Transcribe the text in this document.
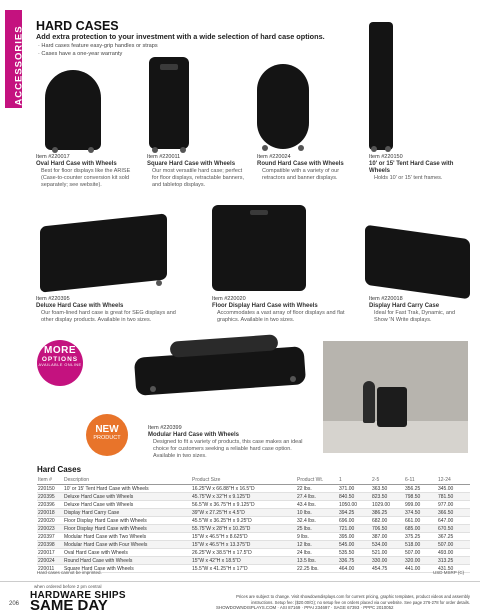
ACCESSORIES HARD CASES
Add extra protection to your investment with a wide selection of hard case options.
· Hard cases feature easy-grip handles or straps
· Cases have a one-year warranty
Item #220017
Oval Hard Case with Wheels
Best for floor displays like the ARISE (Case-to-counter conversion kit sold separately; see website).
Item #220011
Square Hard Case with Wheels
Our most versatile hard case; perfect for floor displays, retractable banners, and tabletop displays.
Item #220024
Round Hard Case with Wheels
Compatible with a variety of our retractors and banner displays.
Item #220150
10' or 15' Tent Hard Case with Wheels
Holds 10' or 15' tent frames.
Item #220395
Deluxe Hard Case with Wheels
Our foam-lined hard case is great for SEG displays and other display products. Available in two sizes.
Item #220020
Floor Display Hard Case with Wheels
Accommodates a vast array of floor displays and flat graphics. Available in two sizes.
Item #220018
Display Hard Carry Case
Ideal for Fast Trak, Dynamic, and Show 'N Write displays.
MORE
OPTIONS
AVAILABLE ONLINE
NEW
PRODUCT
Item #220399
Modular Hard Case with Wheels
Designed to fit a variety of products, this case makes an ideal choice for customers seeking a reliable hard case option. Available in two sizes.
Hard Cases
Item #	Description	Product Size	Product Wt.	1	2-5	6-11	12-24
220150	10' or 15' Tent Hard Case with Wheels	16.25"W x 66.88"H x 16.5"D	22 lbs.	371.00	363.50	356.25	345.00
220395	Deluxe Hard Case with Wheels	45.75"W x 32"H x 9.125"D	27.4 lbs.	840.50	823.50	798.50	781.50
220396	Deluxe Hard Case with Wheels	56.5"W x 36.75"H x 9.125"D	43.4 lbs.	1050.00	1029.00	999.00	977.00
220018	Display Hard Carry Case	39"W x 27.25"H x 4.5"D	10 lbs.	394.25	386.25	374.50	366.50
220020	Floor Display Hard Case with Wheels	45.5"W x 36.25"H x 9.25"D	32.4 lbs.	696.00	682.00	661.00	647.00
220023	Floor Display Hard Case with Wheels	55.75"W x 28"H x 10.25"D	25 lbs.	721.00	706.50	685.00	670.50
220397	Modular Hard Case with Two Wheels	15"W x 46.5"H x 8.625"D	9 lbs.	395.00	387.00	375.25	367.25
220398	Modular Hard Case with Four Wheels	15"W x 46.5"H x 13.375"D	12 lbs.	545.00	534.00	518.00	507.00
220017	Oval Hard Case with Wheels	26.25"W x 38.5"H x 17.5"D	24 lbs.	535.50	521.00	507.00	493.00
220024	Round Hard Case with Wheels	15"W x 42"H x 18.5"D	13.5 lbs.	336.75	330.00	320.00	313.25
220011	Square Hard Case with Wheels	15.5"W x 41.25"H x 17"D	22.25 lbs.	464.00	454.75	441.00	431.50
Hard cases cannot be imprinted.	USD MSRP (C)
when ordered before 2 pm central
HARDWARE SHIPS
SAME DAY
206
Prices are subject to change. Visit showdowndisplays.com for current pricing, graphic templates, product videos and assembly instructions. Setup fee: ($20.00/G); no setup fee on orders placed via our website. See page 276-278 for order details.
SHOWDOWNDISPLAYS.COM · ASI 87169 · PPAI 234697 · SAGE 67393 · PPPC 2010052
